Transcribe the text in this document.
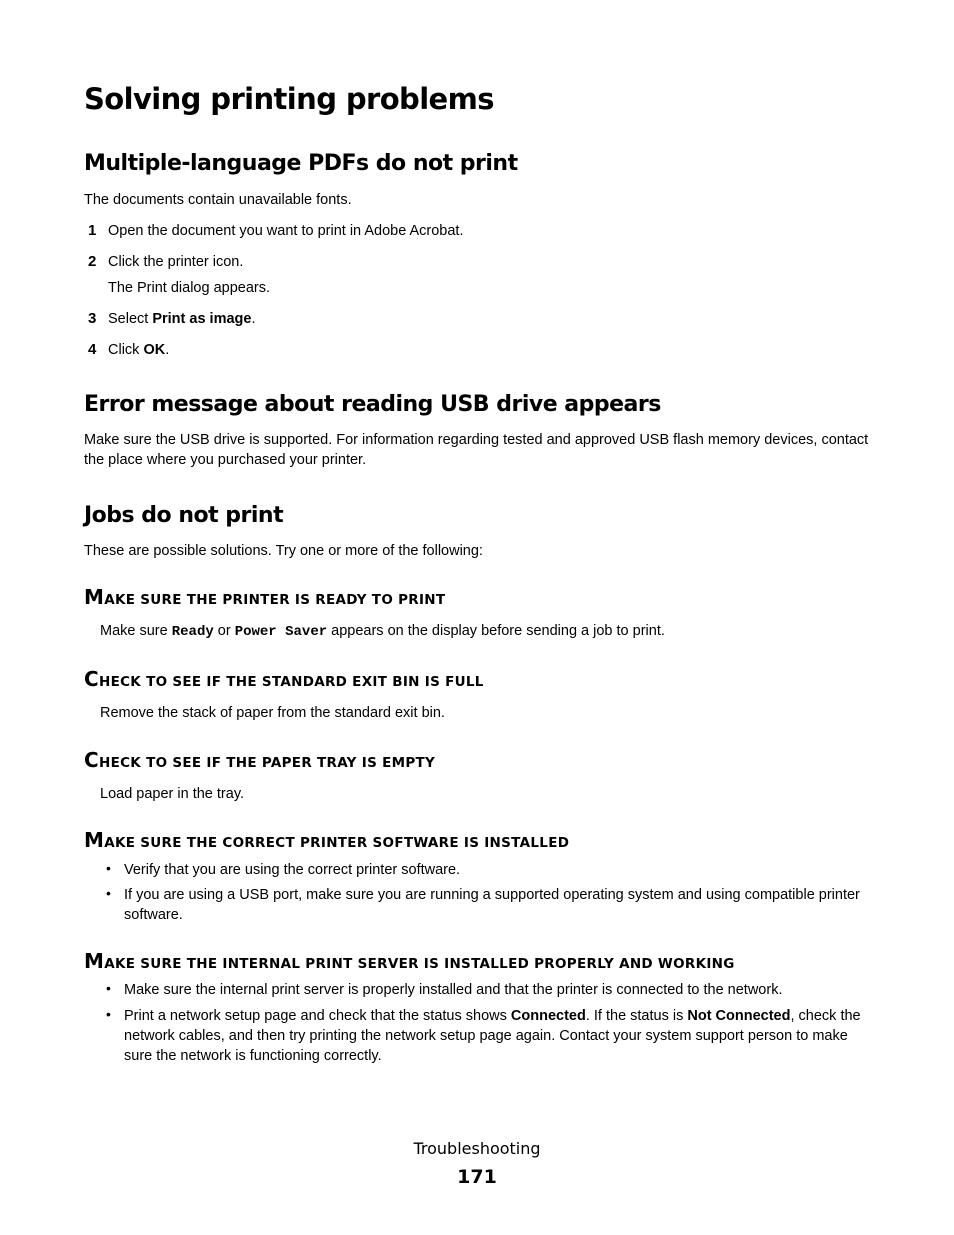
Solving printing problems
Multiple-language PDFs do not print
The documents contain unavailable fonts.
1 Open the document you want to print in Adobe Acrobat.
2 Click the printer icon.
The Print dialog appears.
3 Select Print as image.
4 Click OK.
Error message about reading USB drive appears
Make sure the USB drive is supported. For information regarding tested and approved USB flash memory devices, contact the place where you purchased your printer.
Jobs do not print
These are possible solutions. Try one or more of the following:
MAKE SURE THE PRINTER IS READY TO PRINT
Make sure Ready or Power Saver appears on the display before sending a job to print.
CHECK TO SEE IF THE STANDARD EXIT BIN IS FULL
Remove the stack of paper from the standard exit bin.
CHECK TO SEE IF THE PAPER TRAY IS EMPTY
Load paper in the tray.
MAKE SURE THE CORRECT PRINTER SOFTWARE IS INSTALLED
• Verify that you are using the correct printer software.
• If you are using a USB port, make sure you are running a supported operating system and using compatible printer software.
MAKE SURE THE INTERNAL PRINT SERVER IS INSTALLED PROPERLY AND WORKING
• Make sure the internal print server is properly installed and that the printer is connected to the network.
• Print a network setup page and check that the status shows Connected. If the status is Not Connected, check the network cables, and then try printing the network setup page again. Contact your system support person to make sure the network is functioning correctly.
Troubleshooting
171
